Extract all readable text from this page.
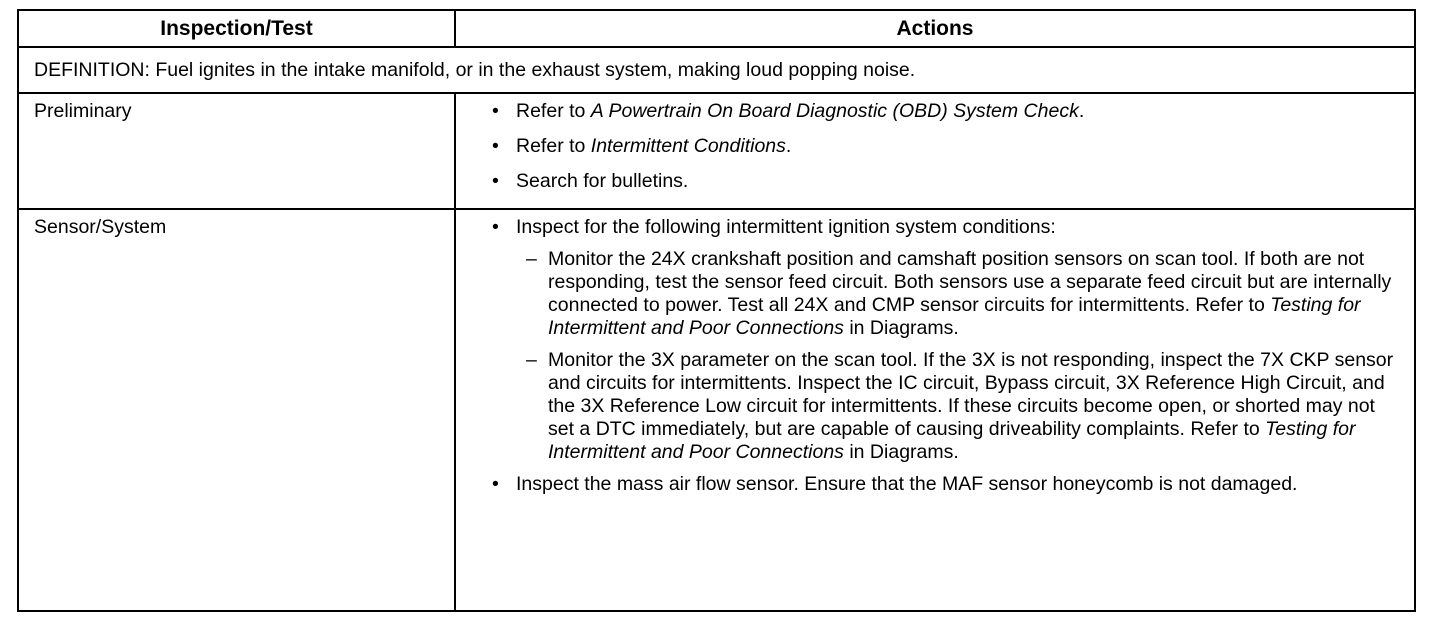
Inspection/Test	Actions
DEFINITION: Fuel ignites in the intake manifold, or in the exhaust system, making loud popping noise.
Preliminary	• Refer to A Powertrain On Board Diagnostic (OBD) System Check.
• Refer to Intermittent Conditions.
• Search for bulletins.
Sensor/System	• Inspect for the following intermittent ignition system conditions:
– Monitor the 24X crankshaft position and camshaft position sensors on scan tool. If both are not responding, test the sensor feed circuit. Both sensors use a separate feed circuit but are internally connected to power. Test all 24X and CMP sensor circuits for intermittents. Refer to Testing for Intermittent and Poor Connections in Diagrams.
– Monitor the 3X parameter on the scan tool. If the 3X is not responding, inspect the 7X CKP sensor and circuits for intermittents. Inspect the IC circuit, Bypass circuit, 3X Reference High Circuit, and the 3X Reference Low circuit for intermittents. If these circuits become open, or shorted may not set a DTC immediately, but are capable of causing driveability complaints. Refer to Testing for Intermittent and Poor Connections in Diagrams.
• Inspect the mass air flow sensor. Ensure that the MAF sensor honeycomb is not damaged.
